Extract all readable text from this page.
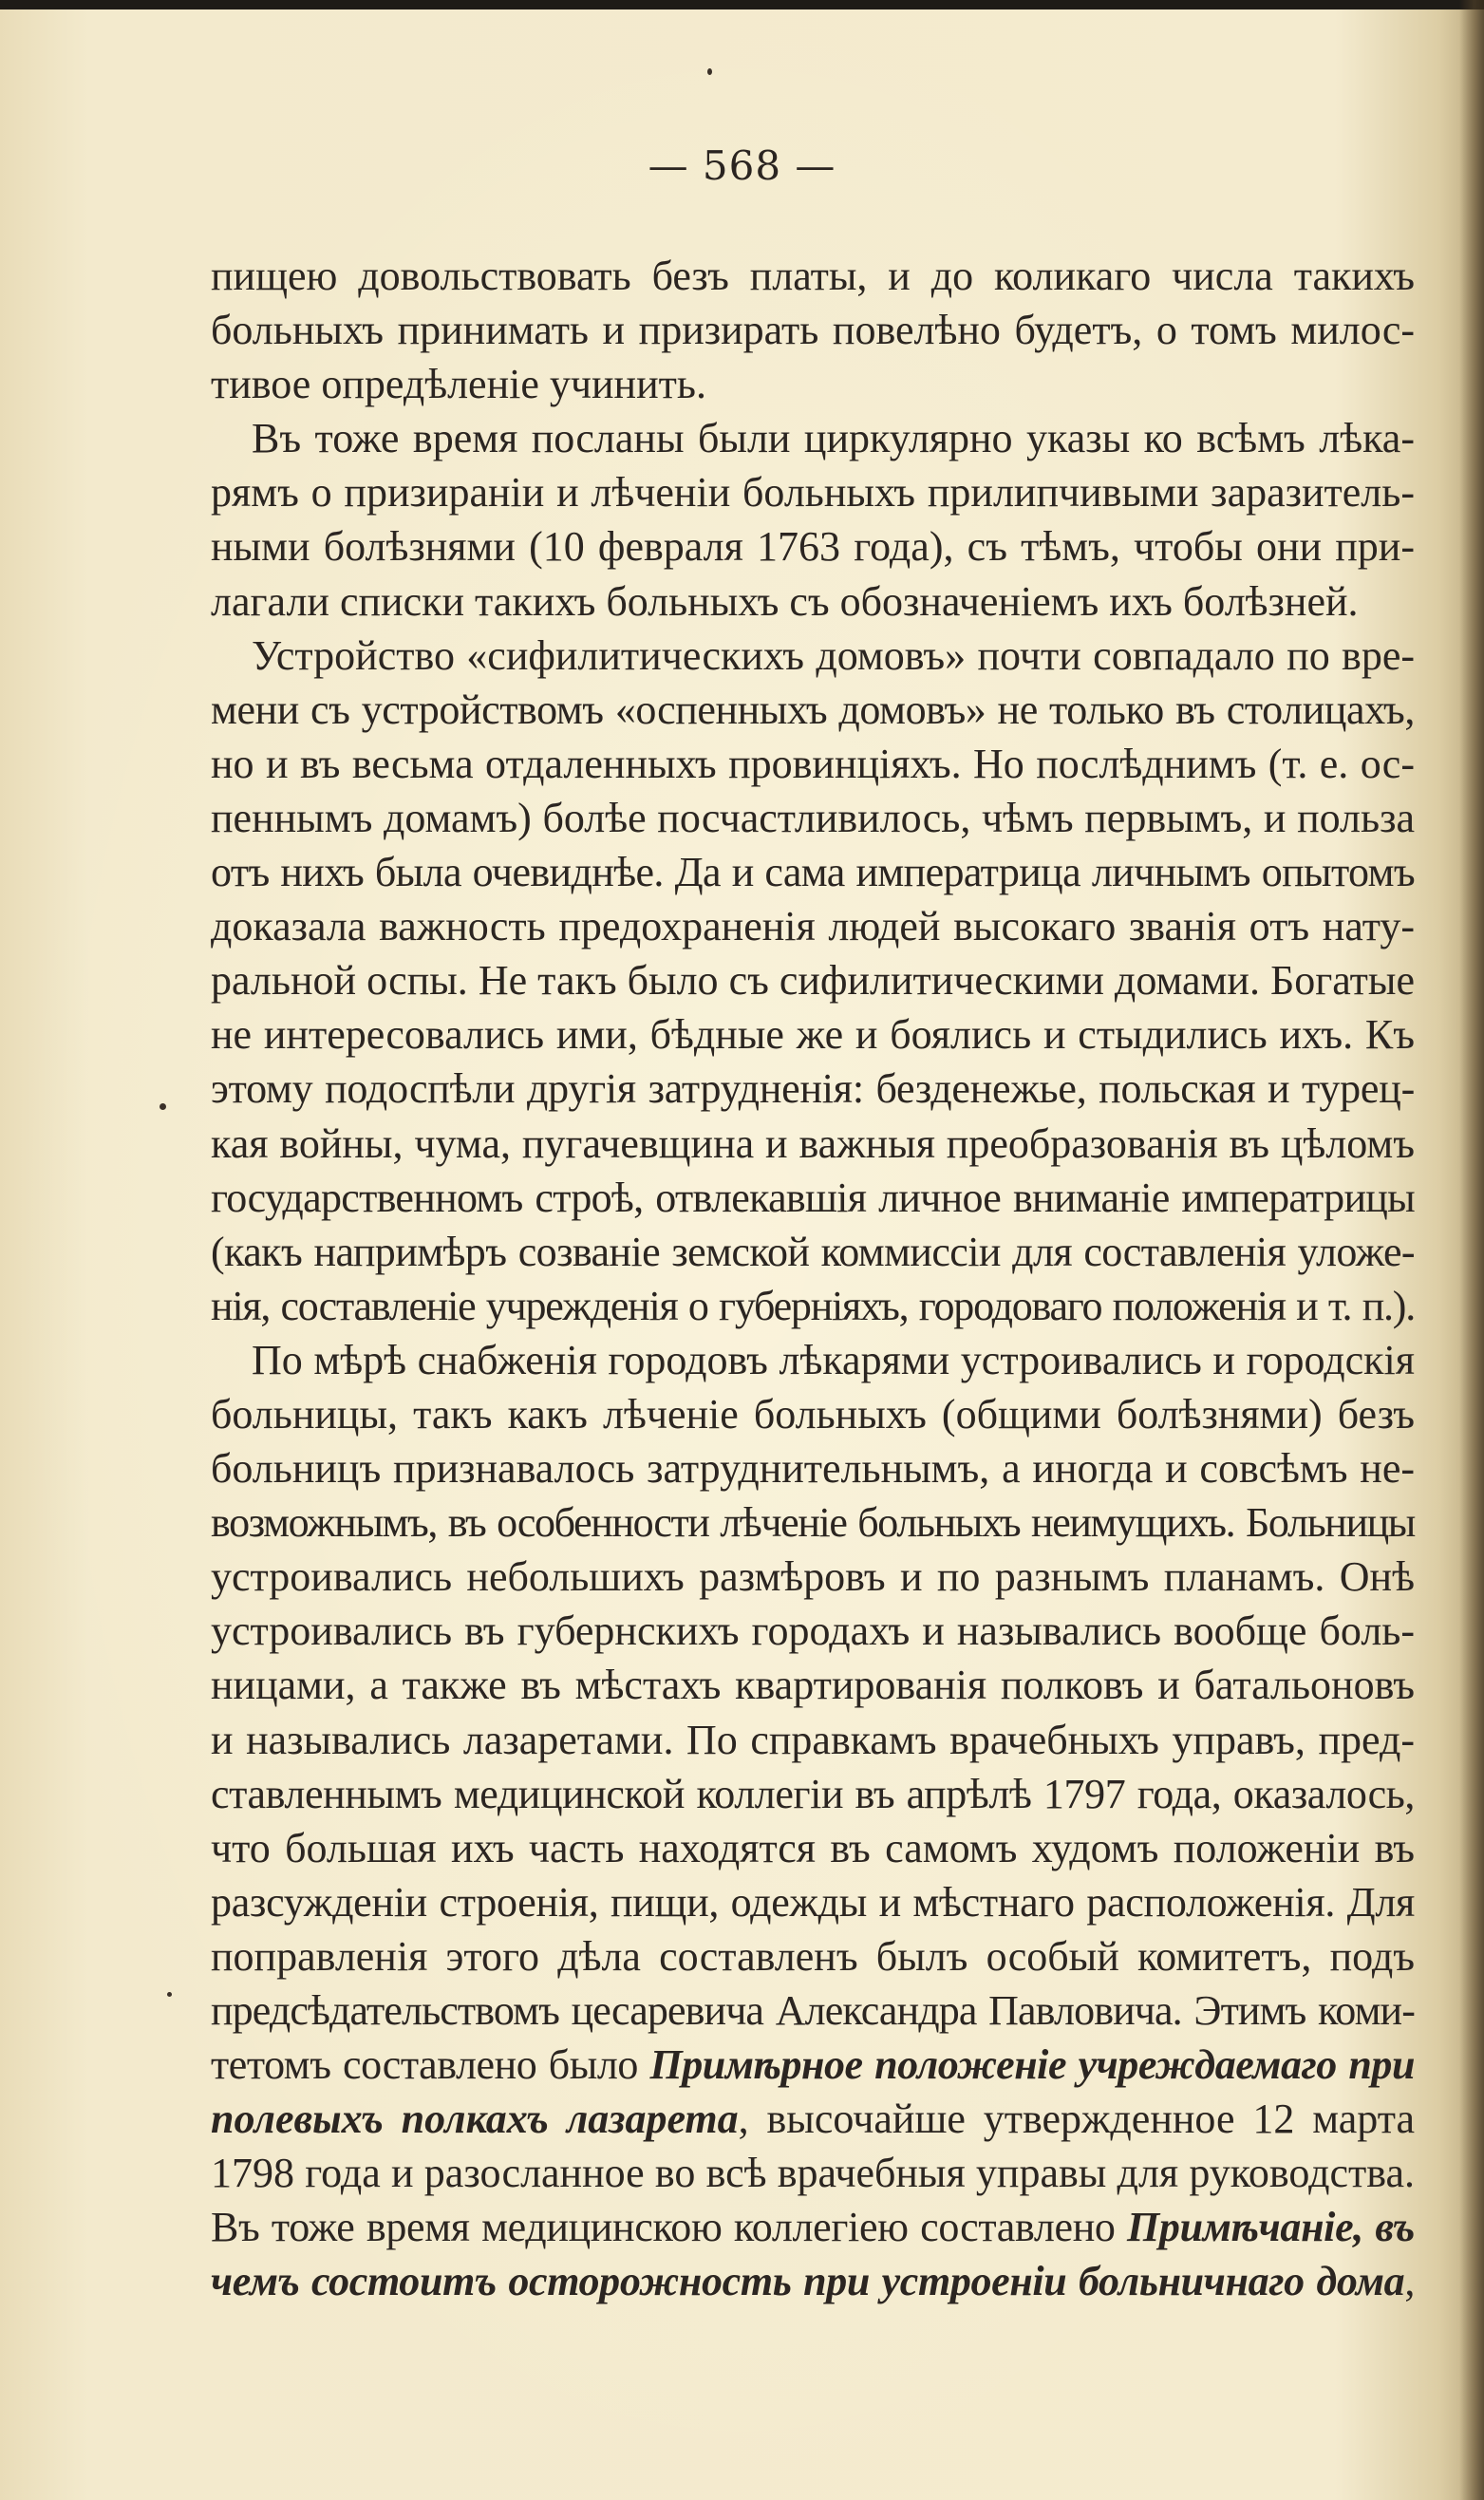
— 568 —
пищею довольствовать безъ платы, и до коликаго числа такихъ
больныхъ принимать и призирать повелѣно будетъ, о томъ милос-
тивое опредѣленіе учинить.
Въ тоже время посланы были циркулярно указы ко всѣмъ лѣка-
рямъ о призираніи и лѣченіи больныхъ прилипчивыми заразитель-
ными болѣзнями (10 февраля 1763 года), съ тѣмъ, чтобы они при-
лагали списки такихъ больныхъ съ обозначеніемъ ихъ болѣзней.
Устройство «сифилитическихъ домовъ» почти совпадало по вре-
мени съ устройствомъ «оспенныхъ домовъ» не только въ столицахъ,
но и въ весьма отдаленныхъ провинціяхъ. Но послѣднимъ (т. е. ос-
пеннымъ домамъ) болѣе посчастливилось, чѣмъ первымъ, и польза
отъ нихъ была очевиднѣе. Да и сама императрица личнымъ опытомъ
доказала важность предохраненія людей высокаго званія отъ нату-
ральной оспы. Не такъ было съ сифилитическими домами. Богатые
не интересовались ими, бѣдные же и боялись и стыдились ихъ. Къ
этому подоспѣли другія затрудненія: безденежье, польская и турец-
кая войны, чума, пугачевщина и важныя преобразованія въ цѣломъ
государственномъ строѣ, отвлекавшія личное вниманіе императрицы
(какъ напримѣръ созваніе земской коммиссіи для составленія уложе-
нія, составленіе учрежденія о губерніяхъ, городоваго положенія и т. п.).
По мѣрѣ снабженія городовъ лѣкарями устроивались и городскія
больницы, такъ какъ лѣченіе больныхъ (общими болѣзнями) безъ
больницъ признавалось затруднительнымъ, а иногда и совсѣмъ не-
возможнымъ, въ особенности лѣченіе больныхъ неимущихъ. Больницы
устроивались небольшихъ размѣровъ и по разнымъ планамъ. Онѣ
устроивались въ губернскихъ городахъ и назывались вообще боль-
ницами, а также въ мѣстахъ квартированія полковъ и батальоновъ
и назывались лазаретами. По справкамъ врачебныхъ управъ, пред-
ставленнымъ медицинской коллегіи въ апрѣлѣ 1797 года, оказалось,
что большая ихъ часть находятся въ самомъ худомъ положеніи въ
разсужденіи строенія, пищи, одежды и мѣстнаго расположенія. Для
поправленія этого дѣла составленъ былъ особый комитетъ, подъ
предсѣдательствомъ цесаревича Александра Павловича. Этимъ коми-
тетомъ составлено было Примѣрное положеніе учреждаемаго при
полевыхъ полкахъ лазарета, высочайше утвержденное 12 марта
1798 года и разосланное во всѣ врачебныя управы для руководства.
Въ тоже время медицинскою коллегіею составлено Примѣчаніе, въ
чемъ состоитъ осторожность при устроеніи больничнаго дома,
